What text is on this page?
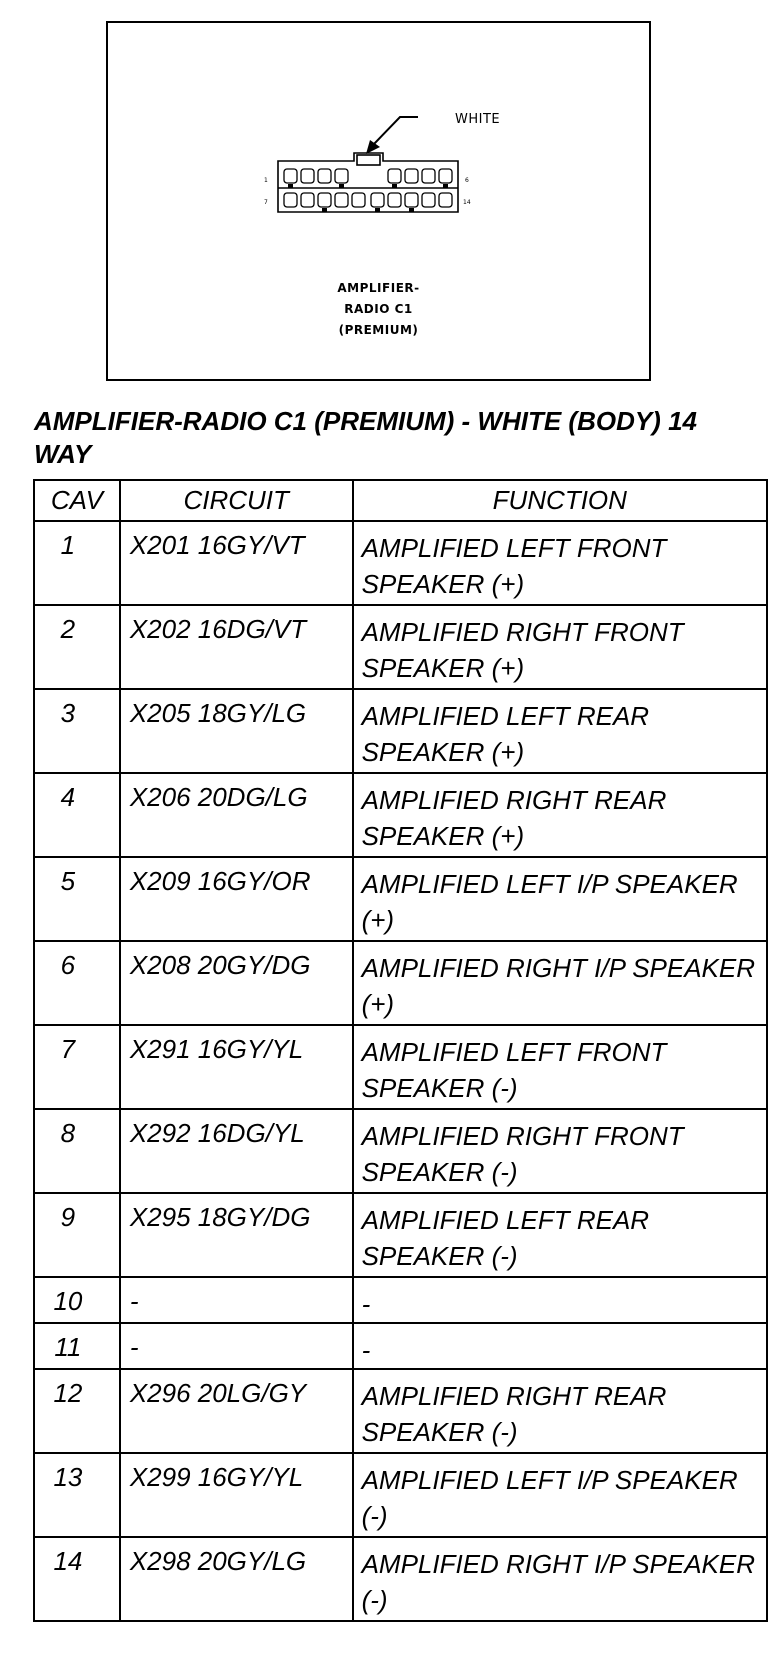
1
7
6
14
WHITE
AMPLIFIER-
RADIO C1
(PREMIUM)
AMPLIFIER-RADIO C1 (PREMIUM) - WHITE (BODY) 14 WAY
CAV	CIRCUIT	FUNCTION
1	X201 16GY/VT	AMPLIFIED LEFT FRONT SPEAKER (+)
2	X202 16DG/VT	AMPLIFIED RIGHT FRONT SPEAKER (+)
3	X205 18GY/LG	AMPLIFIED LEFT REAR SPEAKER (+)
4	X206 20DG/LG	AMPLIFIED RIGHT REAR SPEAKER (+)
5	X209 16GY/OR	AMPLIFIED LEFT I/P SPEAKER (+)
6	X208 20GY/DG	AMPLIFIED RIGHT I/P SPEAKER (+)
7	X291 16GY/YL	AMPLIFIED LEFT FRONT SPEAKER (-)
8	X292 16DG/YL	AMPLIFIED RIGHT FRONT SPEAKER (-)
9	X295 18GY/DG	AMPLIFIED LEFT REAR SPEAKER (-)
10	-	-
11	-	-
12	X296 20LG/GY	AMPLIFIED RIGHT REAR SPEAKER (-)
13	X299 16GY/YL	AMPLIFIED LEFT I/P SPEAKER (-)
14	X298 20GY/LG	AMPLIFIED RIGHT I/P SPEAKER (-)
